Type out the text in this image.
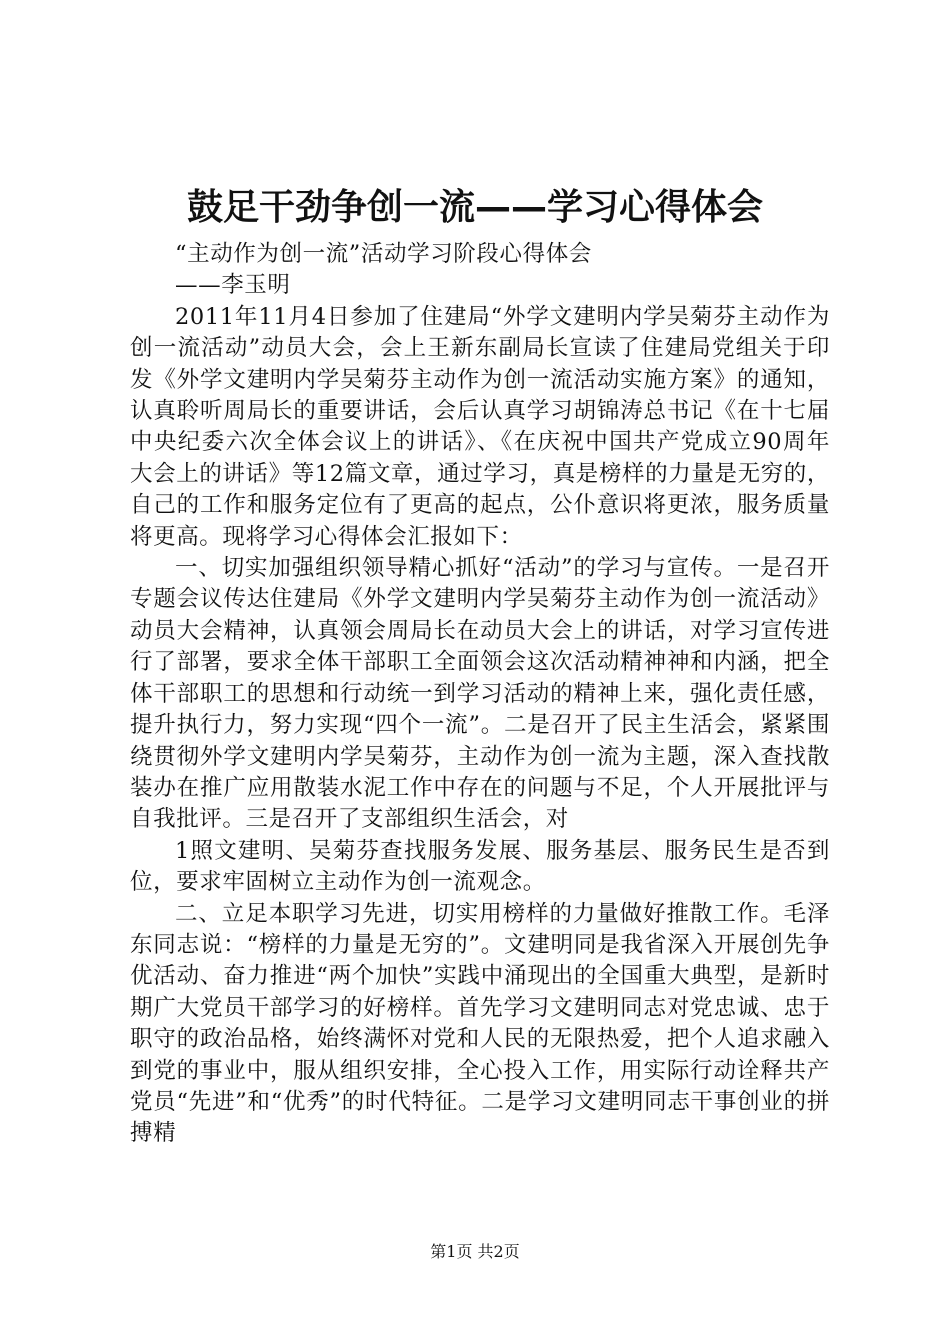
鼓足干劲争创一流——学习心得体会

“主动作为创一流”活动学习阶段心得体会

——李玉明

2011年11月4日参加了住建局“外学文建明内学吴菊芬主动作为创一流活动”动员大会，会上王新东副局长宣读了住建局党组关于印发《外学文建明内学吴菊芬主动作为创一流活动实施方案》的通知，认真聆听周局长的重要讲话，会后认真学习胡锦涛总书记《在十七届中央纪委六次全体会议上的讲话》、《在庆祝中国共产党成立90周年大会上的讲话》等12篇文章，通过学习，真是榜样的力量是无穷的，自己的工作和服务定位有了更高的起点，公仆意识将更浓，服务质量将更高。现将学习心得体会汇报如下：

一、切实加强组织领导精心抓好“活动”的学习与宣传。一是召开专题会议传达住建局《外学文建明内学吴菊芬主动作为创一流活动》动员大会精神，认真领会周局长在动员大会上的讲话，对学习宣传进行了部署，要求全体干部职工全面领会这次活动精神神和内涵，把全体干部职工的思想和行动统一到学习活动的精神上来，强化责任感，提升执行力，努力实现“四个一流”。二是召开了民主生活会，紧紧围绕贯彻外学文建明内学吴菊芬，主动作为创一流为主题，深入查找散装办在推广应用散装水泥工作中存在的问题与不足，个人开展批评与自我批评。三是召开了支部组织生活会，对

1照文建明、吴菊芬查找服务发展、服务基层、服务民生是否到位，要求牢固树立主动作为创一流观念。

二、立足本职学习先进，切实用榜样的力量做好推散工作。毛泽东同志说：“榜样的力量是无穷的”。文建明同是我省深入开展创先争优活动、奋力推进“两个加快”实践中涌现出的全国重大典型，是新时期广大党员干部学习的好榜样。首先学习文建明同志对党忠诚、忠于职守的政治品格，始终满怀对党和人民的无限热爱，把个人追求融入到党的事业中，服从组织安排，全心投入工作，用实际行动诠释共产党员“先进”和“优秀”的时代特征。二是学习文建明同志干事创业的拼搏精

第1页 共2页
